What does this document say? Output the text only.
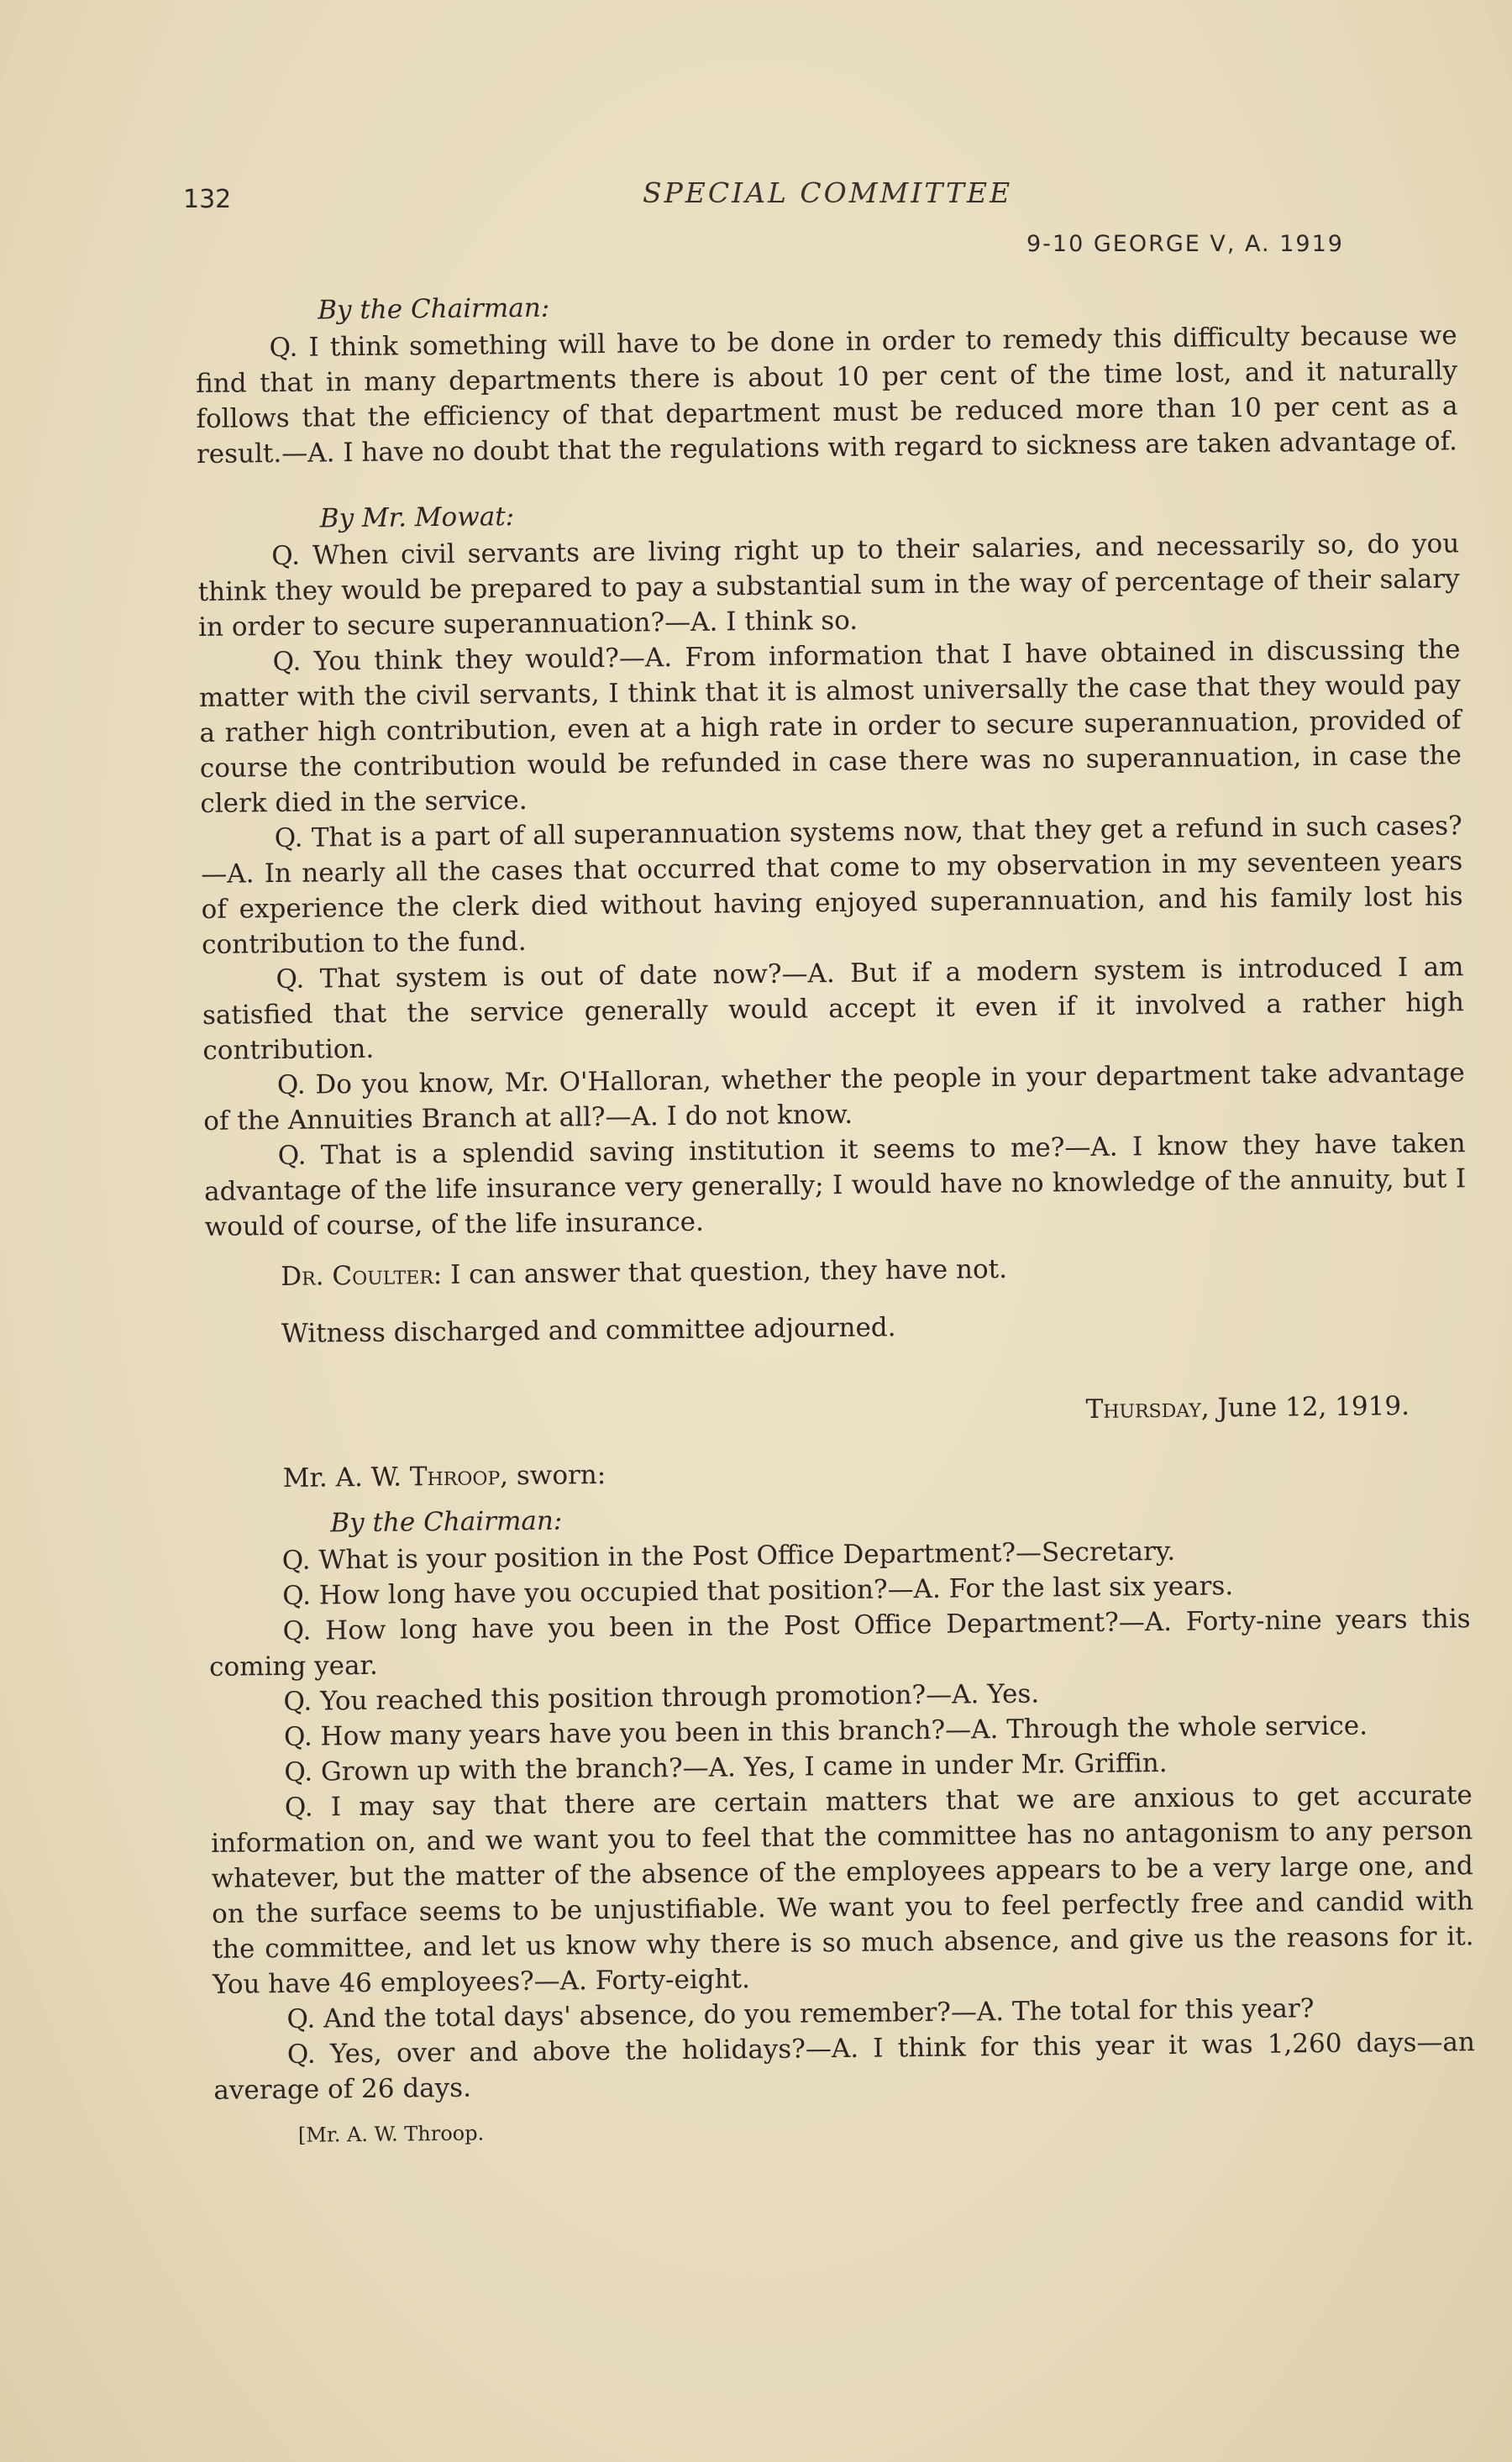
132	SPECIAL COMMITTEE
9-10 GEORGE V, A. 1919
By the Chairman:

Q. I think something will have to be done in order to remedy this difficulty because we find that in many departments there is about 10 per cent of the time lost, and it naturally follows that the efficiency of that department must be reduced more than 10 per cent as a result.—A. I have no doubt that the regulations with regard to sickness are taken advantage of.

By Mr. Mowat:

Q. When civil servants are living right up to their salaries, and necessarily so, do you think they would be prepared to pay a substantial sum in the way of percentage of their salary in order to secure superannuation?—A. I think so.

Q. You think they would?—A. From information that I have obtained in discussing the matter with the civil servants, I think that it is almost universally the case that they would pay a rather high contribution, even at a high rate in order to secure superannuation, provided of course the contribution would be refunded in case there was no superannuation, in case the clerk died in the service.

Q. That is a part of all superannuation systems now, that they get a refund in such cases?—A. In nearly all the cases that occurred that come to my observation in my seventeen years of experience the clerk died without having enjoyed superannuation, and his family lost his contribution to the fund.

Q. That system is out of date now?—A. But if a modern system is introduced I am satisfied that the service generally would accept it even if it involved a rather high contribution.

Q. Do you know, Mr. O'Halloran, whether the people in your department take advantage of the Annuities Branch at all?—A. I do not know.

Q. That is a splendid saving institution it seems to me?—A. I know they have taken advantage of the life insurance very generally; I would have no knowledge of the annuity, but I would of course, of the life insurance.

Dr. Coulter: I can answer that question, they have not.

Witness discharged and committee adjourned.

Thursday, June 12, 1919.

Mr. A. W. Throop, sworn:

By the Chairman:

Q. What is your position in the Post Office Department?—Secretary.

Q. How long have you occupied that position?—A. For the last six years.

Q. How long have you been in the Post Office Department?—A. Forty-nine years this coming year.

Q. You reached this position through promotion?—A. Yes.

Q. How many years have you been in this branch?—A. Through the whole service.

Q. Grown up with the branch?—A. Yes, I came in under Mr. Griffin.

Q. I may say that there are certain matters that we are anxious to get accurate information on, and we want you to feel that the committee has no antagonism to any person whatever, but the matter of the absence of the employees appears to be a very large one, and on the surface seems to be unjustifiable. We want you to feel perfectly free and candid with the committee, and let us know why there is so much absence, and give us the reasons for it. You have 46 employees?—A. Forty-eight.

Q. And the total days' absence, do you remember?—A. The total for this year?

Q. Yes, over and above the holidays?—A. I think for this year it was 1,260 days—an average of 26 days.

[Mr. A. W. Throop.
